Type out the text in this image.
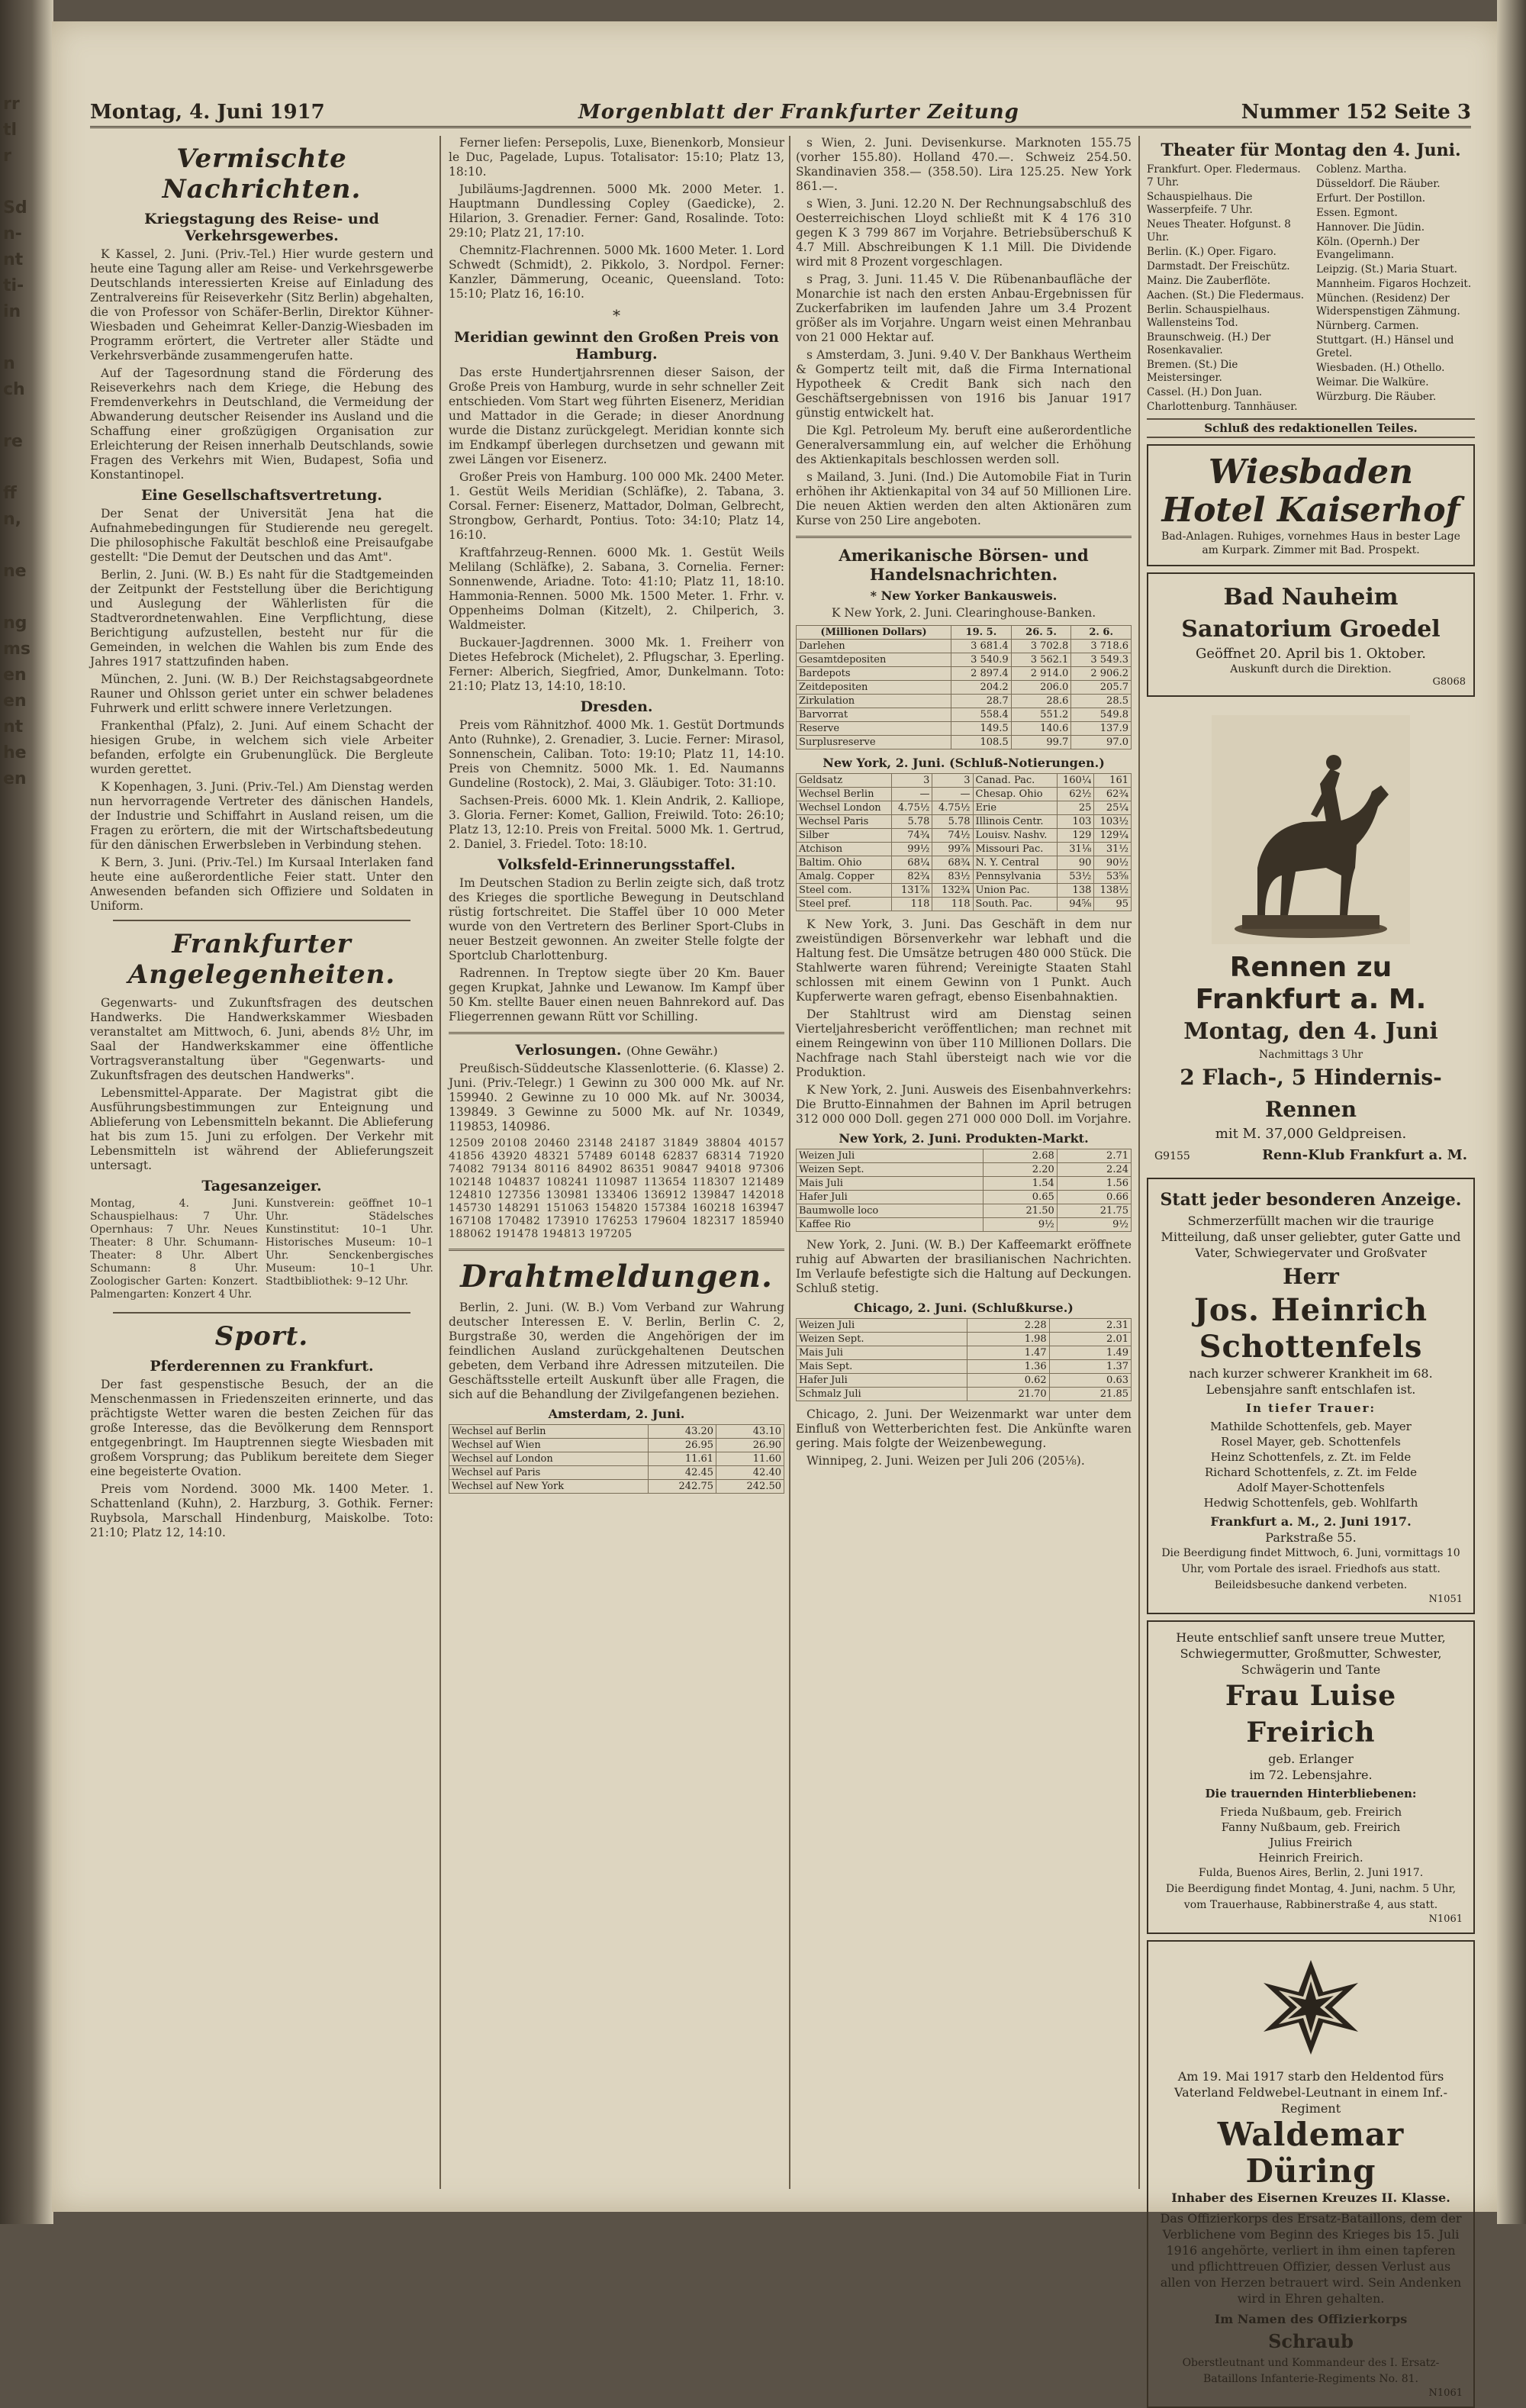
rr
tl
r

Sd
n-
nt
ti-
in

n
ch

re

ff
n,

ne

ng
ms
en
en
nt
he
en
Montag, 4. Juni 1917	Morgenblatt der Frankfurter Zeitung	Nummer 152 Seite 3
Vermischte Nachrichten.
Kriegstagung des Reise- und Verkehrsgewerbes.

K Kassel, 2. Juni. (Priv.-Tel.) Hier wurde gestern und heute eine Tagung aller am Reise- und Verkehrsgewerbe Deutschlands interessierten Kreise auf Einladung des Zentralvereins für Reiseverkehr (Sitz Berlin) abgehalten, die von Professor von Schäfer-Berlin, Direktor Kühner-Wiesbaden und Geheimrat Keller-Danzig-Wiesbaden im Programm erörtert, die Vertreter aller Städte und Verkehrsverbände zusammengerufen hatte.

Auf der Tagesordnung stand die Förderung des Reiseverkehrs nach dem Kriege, die Hebung des Fremdenverkehrs in Deutschland, die Vermeidung der Abwanderung deutscher Reisender ins Ausland und die Schaffung einer großzügigen Organisation zur Erleichterung der Reisen innerhalb Deutschlands, sowie Fragen des Verkehrs mit Wien, Budapest, Sofia und Konstantinopel.

Eine Gesellschaftsvertretung.

Der Senat der Universität Jena hat die Aufnahmebedingungen für Studierende neu geregelt. Die philosophische Fakultät beschloß eine Preisaufgabe gestellt: "Die Demut der Deutschen und das Amt".

Berlin, 2. Juni. (W. B.) Es naht für die Stadtgemeinden der Zeitpunkt der Feststellung über die Berichtigung und Auslegung der Wählerlisten für die Stadtverordnetenwahlen. Eine Verpflichtung, diese Berichtigung aufzustellen, besteht nur für die Gemeinden, in welchen die Wahlen bis zum Ende des Jahres 1917 stattzufinden haben.

München, 2. Juni. (W. B.) Der Reichstagsabgeordnete Rauner und Ohlsson geriet unter ein schwer beladenes Fuhrwerk und erlitt schwere innere Verletzungen.

Frankenthal (Pfalz), 2. Juni. Auf einem Schacht der hiesigen Grube, in welchem sich viele Arbeiter befanden, erfolgte ein Grubenunglück. Die Bergleute wurden gerettet.

K Kopenhagen, 3. Juni. (Priv.-Tel.) Am Dienstag werden nun hervorragende Vertreter des dänischen Handels, der Industrie und Schiffahrt in Ausland reisen, um die Fragen zu erörtern, die mit der Wirtschaftsbedeutung für den dänischen Erwerbsleben in Verbindung stehen.

K Bern, 3. Juni. (Priv.-Tel.) Im Kursaal Interlaken fand heute eine außerordentliche Feier statt. Unter den Anwesenden befanden sich Offiziere und Soldaten in Uniform.

Frankfurter Angelegenheiten.

Gegenwarts- und Zukunftsfragen des deutschen Handwerks. Die Handwerkskammer Wiesbaden veranstaltet am Mittwoch, 6. Juni, abends 8½ Uhr, im Saal der Handwerkskammer eine öffentliche Vortragsveranstaltung über "Gegenwarts- und Zukunftsfragen des deutschen Handwerks".

Lebensmittel-Apparate. Der Magistrat gibt die Ausführungsbestimmungen zur Enteignung und Ablieferung von Lebensmitteln bekannt. Die Ablieferung hat bis zum 15. Juni zu erfolgen. Der Verkehr mit Lebensmitteln ist während der Ablieferungszeit untersagt.

Tagesanzeiger.
Montag, 4. Juni. Schauspielhaus: 7 Uhr. Opernhaus: 7 Uhr. Neues Theater: 8 Uhr. Schumann-Theater: 8 Uhr. Albert Schumann: 8 Uhr. Zoologischer Garten: Konzert. Palmengarten: Konzert 4 Uhr.
Kunstverein: geöffnet 10–1 Uhr. Städelsches Kunstinstitut: 10–1 Uhr. Historisches Museum: 10–1 Uhr. Senckenbergisches Museum: 10–1 Uhr. Stadtbibliothek: 9–12 Uhr.
Sport.
Pferderennen zu Frankfurt.

Der fast gespenstische Besuch, der an die Menschenmassen in Friedenszeiten erinnerte, und das prächtigste Wetter waren die besten Zeichen für das große Interesse, das die Bevölkerung dem Rennsport entgegenbringt. Im Hauptrennen siegte Wiesbaden mit großem Vorsprung; das Publikum bereitete dem Sieger eine begeisterte Ovation.

Preis vom Nordend. 3000 Mk. 1400 Meter. 1. Schattenland (Kuhn), 2. Harzburg, 3. Gothik. Ferner: Ruybsola, Marschall Hindenburg, Maiskolbe. Toto: 21:10; Platz 12, 14:10.

Ferner liefen: Persepolis, Luxe, Bienenkorb, Monsieur le Duc, Pagelade, Lupus. Totalisator: 15:10; Platz 13, 18:10.

Jubiläums-Jagdrennen. 5000 Mk. 2000 Meter. 1. Hauptmann Dundlessing Copley (Gaedicke), 2. Hilarion, 3. Grenadier. Ferner: Gand, Rosalinde. Toto: 29:10; Platz 21, 17:10.

Chemnitz-Flachrennen. 5000 Mk. 1600 Meter. 1. Lord Schwedt (Schmidt), 2. Pikkolo, 3. Nordpol. Ferner: Kanzler, Dämmerung, Oceanic, Queensland. Toto: 15:10; Platz 16, 16:10.

*
Meridian gewinnt den Großen Preis von Hamburg.

Das erste Hundertjahrsrennen dieser Saison, der Große Preis von Hamburg, wurde in sehr schneller Zeit entschieden. Vom Start weg führten Eisenerz, Meridian und Mattador in die Gerade; in dieser Anordnung wurde die Distanz zurückgelegt. Meridian konnte sich im Endkampf überlegen durchsetzen und gewann mit zwei Längen vor Eisenerz.

Großer Preis von Hamburg. 100 000 Mk. 2400 Meter. 1. Gestüt Weils Meridian (Schläfke), 2. Tabana, 3. Corsal. Ferner: Eisenerz, Mattador, Dolman, Gelbrecht, Strongbow, Gerhardt, Pontius. Toto: 34:10; Platz 14, 16:10.

Kraftfahrzeug-Rennen. 6000 Mk. 1. Gestüt Weils Melilang (Schläfke), 2. Sabana, 3. Cornelia. Ferner: Sonnenwende, Ariadne. Toto: 41:10; Platz 11, 18:10. Hammonia-Rennen. 5000 Mk. 1500 Meter. 1. Frhr. v. Oppenheims Dolman (Kitzelt), 2. Chilperich, 3. Waldmeister.

Buckauer-Jagdrennen. 3000 Mk. 1. Freiherr von Dietes Hefebrock (Michelet), 2. Pflugschar, 3. Eperling. Ferner: Alberich, Siegfried, Amor, Dunkelmann. Toto: 21:10; Platz 13, 14:10, 18:10.

Dresden.

Preis vom Rähnitzhof. 4000 Mk. 1. Gestüt Dortmunds Anto (Ruhnke), 2. Grenadier, 3. Lucie. Ferner: Mirasol, Sonnenschein, Caliban. Toto: 19:10; Platz 11, 14:10. Preis von Chemnitz. 5000 Mk. 1. Ed. Naumanns Gundeline (Rostock), 2. Mai, 3. Gläubiger. Toto: 31:10.

Sachsen-Preis. 6000 Mk. 1. Klein Andrik, 2. Kalliope, 3. Gloria. Ferner: Komet, Gallion, Freiwild. Toto: 26:10; Platz 13, 12:10. Preis von Freital. 5000 Mk. 1. Gertrud, 2. Daniel, 3. Friedel. Toto: 18:10.

Volksfeld-Erinnerungsstaffel.

Im Deutschen Stadion zu Berlin zeigte sich, daß trotz des Krieges die sportliche Bewegung in Deutschland rüstig fortschreitet. Die Staffel über 10 000 Meter wurde von den Vertretern des Berliner Sport-Clubs in neuer Bestzeit gewonnen. An zweiter Stelle folgte der Sportclub Charlottenburg.

Radrennen. In Treptow siegte über 20 Km. Bauer gegen Krupkat, Jahnke und Lewanow. Im Kampf über 50 Km. stellte Bauer einen neuen Bahnrekord auf. Das Fliegerrennen gewann Rütt vor Schilling.

Verlosungen. (Ohne Gewähr.)

Preußisch-Süddeutsche Klassenlotterie. (6. Klasse) 2. Juni. (Priv.-Telegr.) 1 Gewinn zu 300 000 Mk. auf Nr. 159940. 2 Gewinne zu 10 000 Mk. auf Nr. 30034, 139849. 3 Gewinne zu 5000 Mk. auf Nr. 10349, 119853, 140986.

12509 20108 20460 23148 24187 31849 38804 40157 41856 43920 48321 57489 60148 62837 68314 71920 74082 79134 80116 84902 86351 90847 94018 97306 102148 104837 108241 110987 113654 118307 121489 124810 127356 130981 133406 136912 139847 142018 145730 148291 151063 154820 157384 160218 163947 167108 170482 173910 176253 179604 182317 185940 188062 191478 194813 197205

Drahtmeldungen.

Berlin, 2. Juni. (W. B.) Vom Verband zur Wahrung deutscher Interessen E. V. Berlin, Berlin C. 2, Burgstraße 30, werden die Angehörigen der im feindlichen Ausland zurückgehaltenen Deutschen gebeten, dem Verband ihre Adressen mitzuteilen. Die Geschäftsstelle erteilt Auskunft über alle Fragen, die sich auf die Behandlung der Zivilgefangenen beziehen.

Amsterdam, 2. Juni.
Wechsel auf Berlin	43.20	43.10
Wechsel auf Wien	26.95	26.90
Wechsel auf London	11.61	11.60
Wechsel auf Paris	42.45	42.40
Wechsel auf New York	242.75	242.50

s Wien, 2. Juni. Devisenkurse. Marknoten 155.75 (vorher 155.80). Holland 470.—. Schweiz 254.50. Skandinavien 358.— (358.50). Lira 125.25. New York 861.—.

s Wien, 3. Juni. 12.20 N. Der Rechnungsabschluß des Oesterreichischen Lloyd schließt mit K 4 176 310 gegen K 3 799 867 im Vorjahre. Betriebsüberschuß K 4.7 Mill. Abschreibungen K 1.1 Mill. Die Dividende wird mit 8 Prozent vorgeschlagen.

s Prag, 3. Juni. 11.45 V. Die Rübenanbaufläche der Monarchie ist nach den ersten Anbau-Ergebnissen für Zuckerfabriken im laufenden Jahre um 3.4 Prozent größer als im Vorjahre. Ungarn weist einen Mehranbau von 21 000 Hektar auf.

s Amsterdam, 3. Juni. 9.40 V. Der Bankhaus Wertheim & Gompertz teilt mit, daß die Firma International Hypotheek & Credit Bank sich nach den Geschäftsergebnissen von 1916 bis Januar 1917 günstig entwickelt hat.

Die Kgl. Petroleum My. beruft eine außerordentliche Generalversammlung ein, auf welcher die Erhöhung des Aktienkapitals beschlossen werden soll.

s Mailand, 3. Juni. (Ind.) Die Automobile Fiat in Turin erhöhen ihr Aktienkapital von 34 auf 50 Millionen Lire. Die neuen Aktien werden den alten Aktionären zum Kurse von 250 Lire angeboten.

Amerikanische Börsen- und Handelsnachrichten.
* New Yorker Bankausweis.
K New York, 2. Juni. Clearinghouse-Banken.
(Millionen Dollars)	19. 5.	26. 5.	2. 6.
Darlehen	3 681.4	3 702.8	3 718.6
Gesamtdepositen	3 540.9	3 562.1	3 549.3
Bardepots	2 897.4	2 914.0	2 906.2
Zeitdepositen	204.2	206.0	205.7
Zirkulation	28.7	28.6	28.5
Barvorrat	558.4	551.2	549.8
Reserve	149.5	140.6	137.9
Surplusreserve	108.5	99.7	97.0
New York, 2. Juni. (Schluß-Notierungen.)
Geldsatz	3	3	Canad. Pac.	160¼	161
Wechsel Berlin	—	—	Chesap. Ohio	62½	62¾
Wechsel London	4.75½	4.75½	Erie	25	25¼
Wechsel Paris	5.78	5.78	Illinois Centr.	103	103½
Silber	74¾	74½	Louisv. Nashv.	129	129¼
Atchison	99½	99⅞	Missouri Pac.	31⅛	31½
Baltim. Ohio	68¼	68¾	N. Y. Central	90	90½
Amalg. Copper	82¾	83½	Pennsylvania	53½	53⅝
Steel com.	131⅞	132¾	Union Pac.	138	138½
Steel pref.	118	118	South. Pac.	94⅝	95

K New York, 3. Juni. Das Geschäft in dem nur zweistündigen Börsenverkehr war lebhaft und die Haltung fest. Die Umsätze betrugen 480 000 Stück. Die Stahlwerte waren führend; Vereinigte Staaten Stahl schlossen mit einem Gewinn von 1 Punkt. Auch Kupferwerte waren gefragt, ebenso Eisenbahnaktien.

Der Stahltrust wird am Dienstag seinen Vierteljahresbericht veröffentlichen; man rechnet mit einem Reingewinn von über 110 Millionen Dollars. Die Nachfrage nach Stahl übersteigt nach wie vor die Produktion.

K New York, 2. Juni. Ausweis des Eisenbahnverkehrs: Die Brutto-Einnahmen der Bahnen im April betrugen 312 000 000 Doll. gegen 271 000 000 Doll. im Vorjahre.

New York, 2. Juni. Produkten-Markt.
Weizen Juli	2.68	2.71
Weizen Sept.	2.20	2.24
Mais Juli	1.54	1.56
Hafer Juli	0.65	0.66
Baumwolle loco	21.50	21.75
Kaffee Rio	9½	9½

New York, 2. Juni. (W. B.) Der Kaffeemarkt eröffnete ruhig auf Abwarten der brasilianischen Nachrichten. Im Verlaufe befestigte sich die Haltung auf Deckungen. Schluß stetig.

Chicago, 2. Juni. (Schlußkurse.)
Weizen Juli	2.28	2.31
Weizen Sept.	1.98	2.01
Mais Juli	1.47	1.49
Mais Sept.	1.36	1.37
Hafer Juli	0.62	0.63
Schmalz Juli	21.70	21.85

Chicago, 2. Juni. Der Weizenmarkt war unter dem Einfluß von Wetterberichten fest. Die Ankünfte waren gering. Mais folgte der Weizenbewegung.

Winnipeg, 2. Juni. Weizen per Juli 206 (205⅛).

Theater für Montag den 4. Juni.
Frankfurt. Oper. Fledermaus. 7 Uhr.
Schauspielhaus. Die Wasserpfeife. 7 Uhr.
Neues Theater. Hofgunst. 8 Uhr.
Berlin. (K.) Oper. Figaro.
Darmstadt. Der Freischütz.
Mainz. Die Zauberflöte.
Aachen. (St.) Die Fledermaus.
Berlin. Schauspielhaus. Wallensteins Tod.
Braunschweig. (H.) Der Rosenkavalier.
Bremen. (St.) Die Meistersinger.
Cassel. (H.) Don Juan.
Charlottenburg. Tannhäuser.
Coblenz. Martha.
Düsseldorf. Die Räuber.
Erfurt. Der Postillon.
Essen. Egmont.
Hannover. Die Jüdin.
Köln. (Opernh.) Der Evangelimann.
Leipzig. (St.) Maria Stuart.
Mannheim. Figaros Hochzeit.
München. (Residenz) Der Widerspenstigen Zähmung.
Nürnberg. Carmen.
Stuttgart. (H.) Hänsel und Gretel.
Wiesbaden. (H.) Othello.
Weimar. Die Walküre.
Würzburg. Die Räuber.
Schluß des redaktionellen Teiles.
Wiesbaden Hotel Kaiserhof
Bad-Anlagen. Ruhiges, vornehmes Haus in bester Lage am Kurpark. Zimmer mit Bad. Prospekt.
Bad Nauheim Sanatorium Groedel
Geöffnet 20. April bis 1. Oktober.
Auskunft durch die Direktion.
G8068
Rennen zu Frankfurt a. M.
Montag, den 4. Juni
Nachmittags 3 Uhr
2 Flach-, 5 Hindernis-Rennen
mit M. 37,000 Geldpreisen.
G9155	Renn-Klub Frankfurt a. M.
Statt jeder besonderen Anzeige.
Schmerzerfüllt machen wir die traurige Mitteilung, daß unser geliebter, guter Gatte und Vater, Schwiegervater und Großvater
Herr
Jos. Heinrich Schottenfels
nach kurzer schwerer Krankheit im 68. Lebensjahre sanft entschlafen ist.
In tiefer Trauer:
Mathilde Schottenfels, geb. Mayer
Rosel Mayer, geb. Schottenfels
Heinz Schottenfels, z. Zt. im Felde
Richard Schottenfels, z. Zt. im Felde
Adolf Mayer-Schottenfels
Hedwig Schottenfels, geb. Wohlfarth
Frankfurt a. M., 2. Juni 1917.
Parkstraße 55.
Die Beerdigung findet Mittwoch, 6. Juni, vormittags 10 Uhr, vom Portale des israel. Friedhofs aus statt. Beileidsbesuche dankend verbeten.
N1051
Heute entschlief sanft unsere treue Mutter, Schwiegermutter, Großmutter, Schwester, Schwägerin und Tante
Frau Luise Freirich
geb. Erlanger
im 72. Lebensjahre.
Die trauernden Hinterbliebenen:
Frieda Nußbaum, geb. Freirich
Fanny Nußbaum, geb. Freirich
Julius Freirich
Heinrich Freirich.
Fulda, Buenos Aires, Berlin, 2. Juni 1917.
Die Beerdigung findet Montag, 4. Juni, nachm. 5 Uhr, vom Trauerhause, Rabbinerstraße 4, aus statt.
N1061
Am 19. Mai 1917 starb den Heldentod fürs Vaterland Feldwebel-Leutnant in einem Inf.-Regiment
Waldemar Düring
Inhaber des Eisernen Kreuzes II. Klasse.
Das Offizierkorps des Ersatz-Bataillons, dem der Verblichene vom Beginn des Krieges bis 15. Juli 1916 angehörte, verliert in ihm einen tapferen und pflichttreuen Offizier, dessen Verlust aus allen von Herzen betrauert wird. Sein Andenken wird in Ehren gehalten.
Im Namen des Offizierkorps
Schraub
Oberstleutnant und Kommandeur des I. Ersatz-Bataillons Infanterie-Regiments No. 81.
N1061
